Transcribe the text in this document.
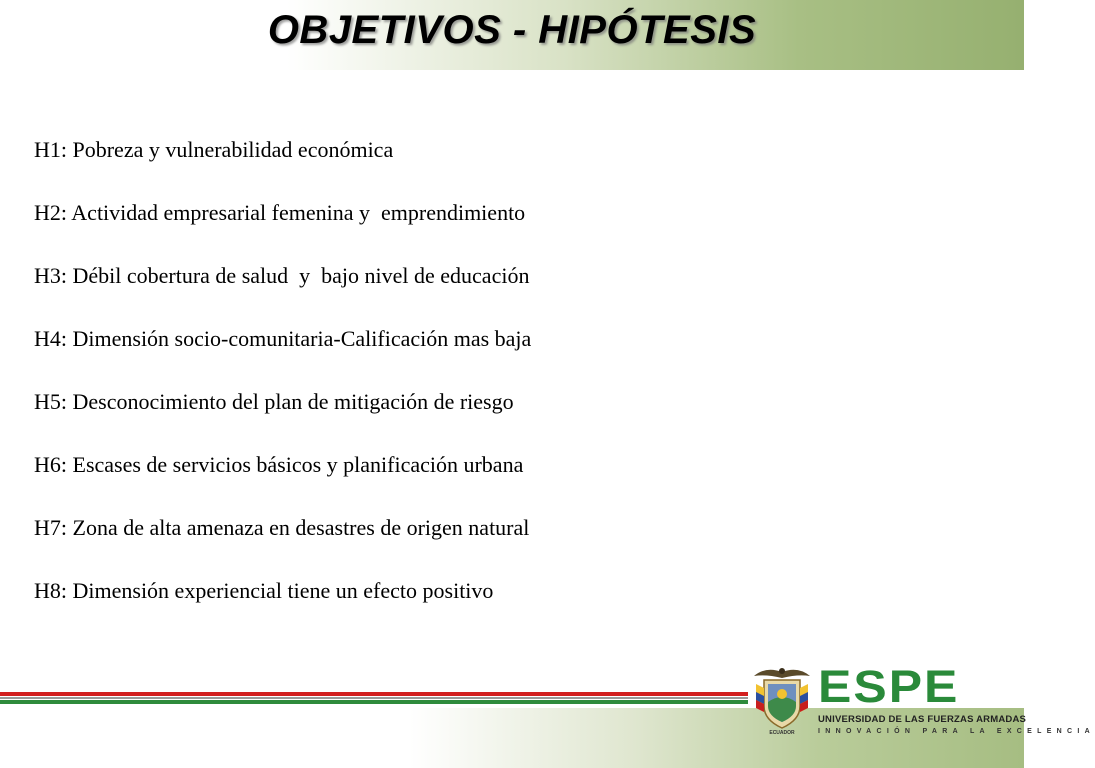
OBJETIVOS - HIPÓTESIS
H1: Pobreza y vulnerabilidad económica
H2: Actividad empresarial femenina y  emprendimiento
H3: Débil cobertura de salud  y  bajo nivel de educación
H4: Dimensión socio-comunitaria-Calificación mas baja
H5: Desconocimiento del plan de mitigación de riesgo
H6: Escases de servicios básicos y planificación urbana
H7: Zona de alta amenaza en desastres de origen natural
H8: Dimensión experiencial tiene un efecto positivo
ECUADOR
ESPE
UNIVERSIDAD DE LAS FUERZAS ARMADAS
INNOVACIÓN PARA LA EXCELENCIA
